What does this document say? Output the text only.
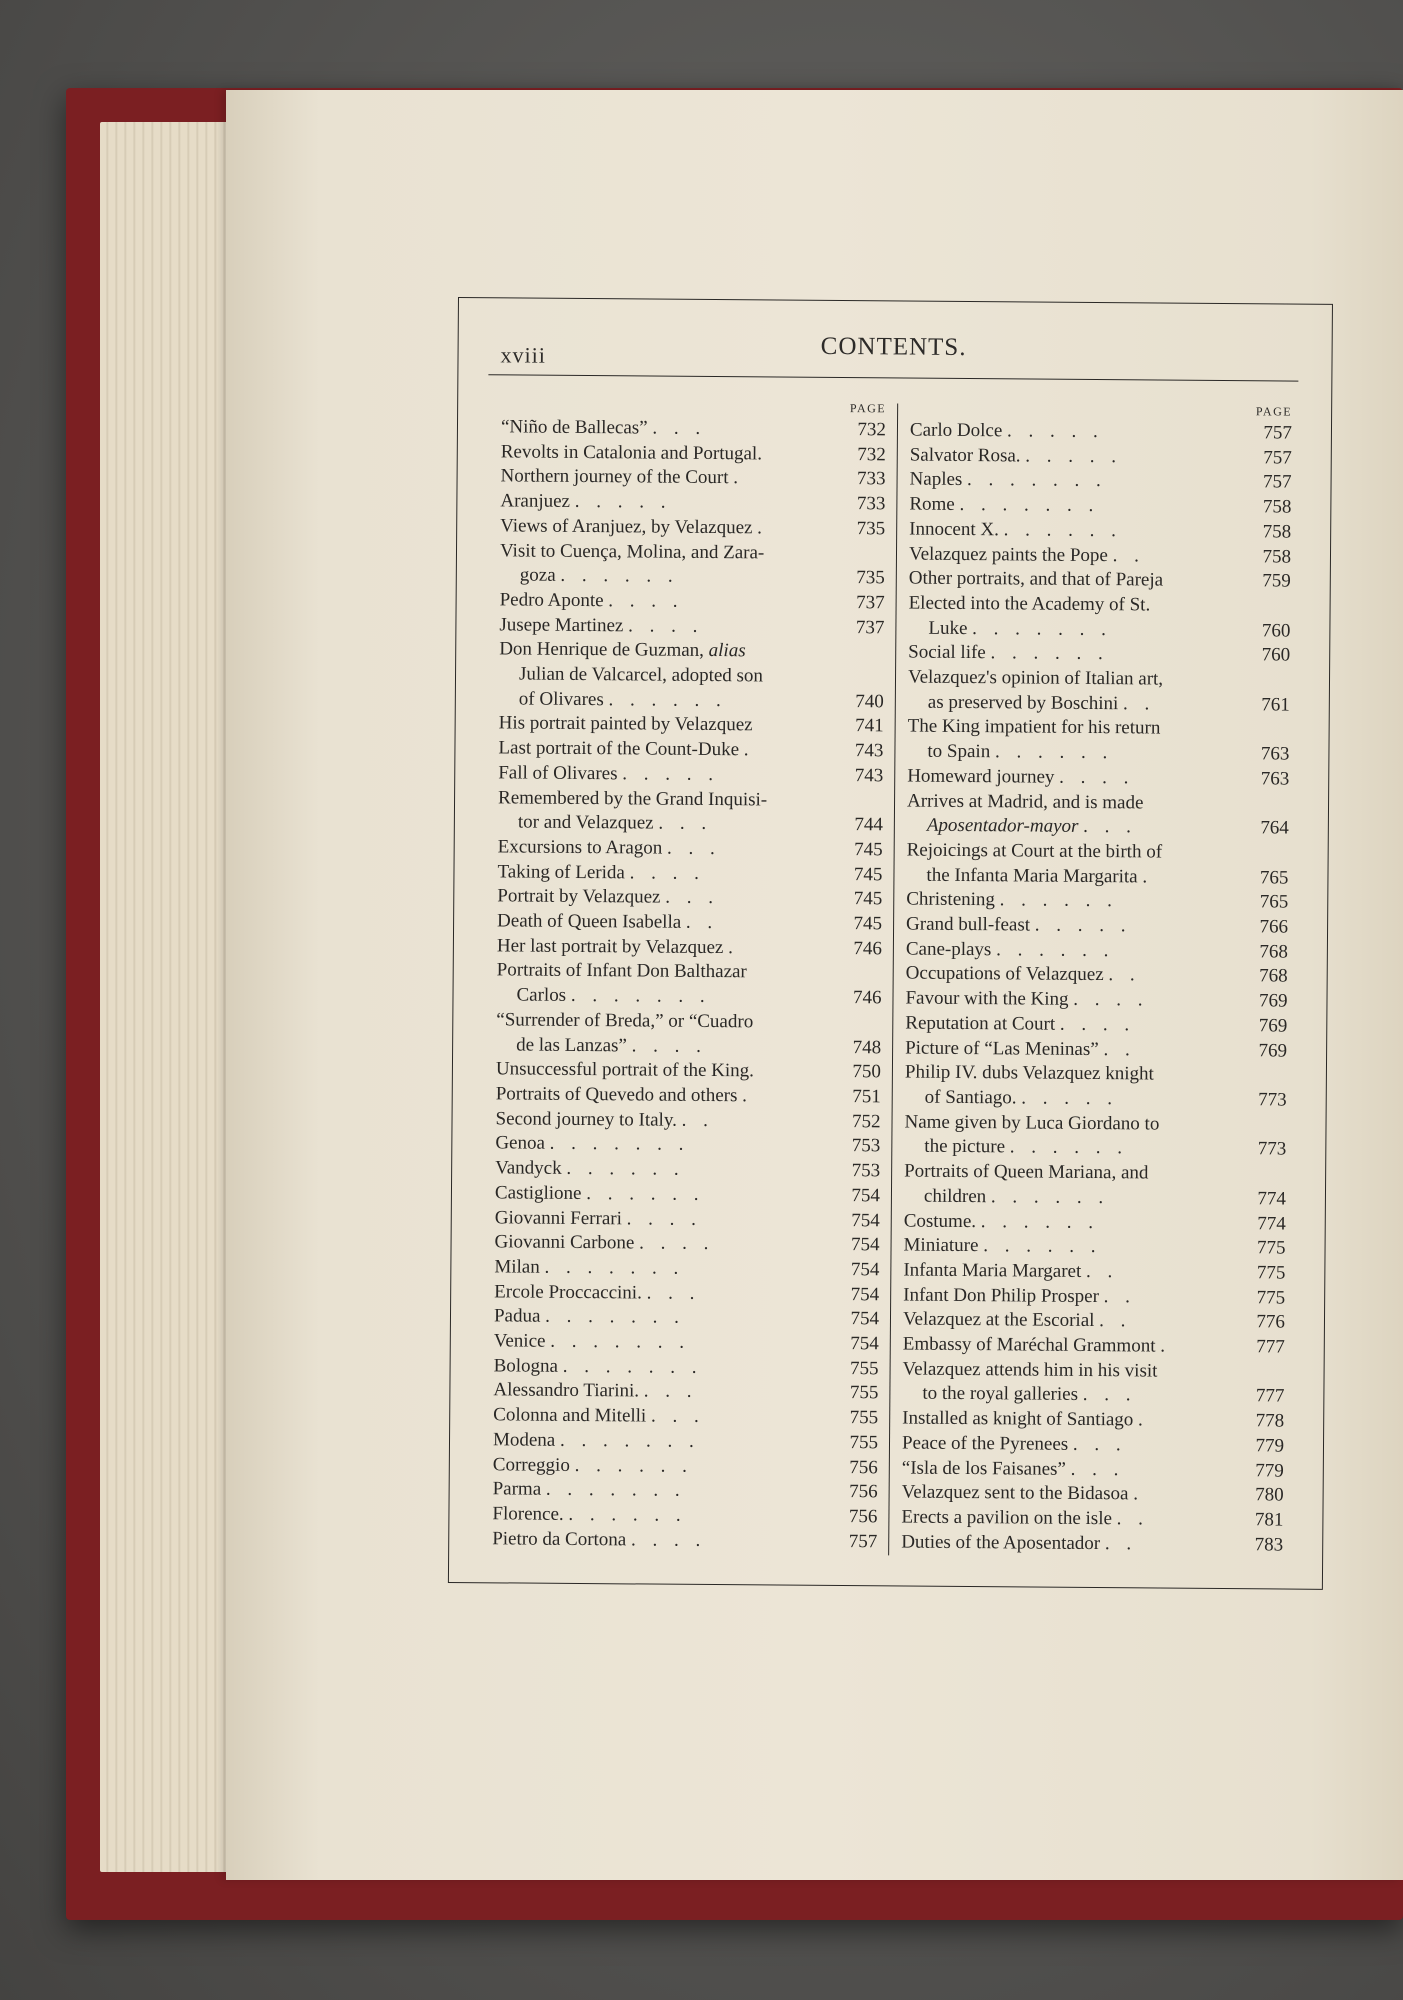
xviii	CONTENTS.
PAGE
“Niño de Ballecas” . . .	732
Revolts in Catalonia and Portugal.	732
Northern journey of the Court .	733
Aranjuez . . . . .	733
Views of Aranjuez, by Velazquez .	735
Visit to Cuença, Molina, and Zara-
goza . . . . . .	735
Pedro Aponte . . . .	737
Jusepe Martinez . . . .	737
Don Henrique de Guzman, alias
Julian de Valcarcel, adopted son
of Olivares . . . . . .	740
His portrait painted by Velazquez	741
Last portrait of the Count-Duke .	743
Fall of Olivares . . . . .	743
Remembered by the Grand Inquisi-
tor and Velazquez . . .	744
Excursions to Aragon . . .	745
Taking of Lerida . . . .	745
Portrait by Velazquez . . .	745
Death of Queen Isabella . .	745
Her last portrait by Velazquez .	746
Portraits of Infant Don Balthazar
Carlos . . . . . . .	746
“Surrender of Breda,” or “Cuadro
de las Lanzas” . . . .	748
Unsuccessful portrait of the King.	750
Portraits of Quevedo and others .	751
Second journey to Italy. . .	752
Genoa . . . . . . .	753
Vandyck . . . . . .	753
Castiglione . . . . . .	754
Giovanni Ferrari . . . .	754
Giovanni Carbone . . . .	754
Milan . . . . . . .	754
Ercole Proccaccini. . . .	754
Padua . . . . . . .	754
Venice . . . . . . .	754
Bologna . . . . . . .	755
Alessandro Tiarini. . . .	755
Colonna and Mitelli . . .	755
Modena . . . . . . .	755
Correggio . . . . . .	756
Parma . . . . . . .	756
Florence. . . . . . .	756
Pietro da Cortona . . . .	757
PAGE
Carlo Dolce . . . . .	757
Salvator Rosa. . . . . .	757
Naples . . . . . . .	757
Rome . . . . . . .	758
Innocent X. . . . . . .	758
Velazquez paints the Pope . .	758
Other portraits, and that of Pareja	759
Elected into the Academy of St.
Luke . . . . . . .	760
Social life . . . . . .	760
Velazquez's opinion of Italian art,
as preserved by Boschini . .	761
The King impatient for his return
to Spain . . . . . .	763
Homeward journey . . . .	763
Arrives at Madrid, and is made
Aposentador-mayor . . .	764
Rejoicings at Court at the birth of
the Infanta Maria Margarita .	765
Christening . . . . . .	765
Grand bull-feast . . . . .	766
Cane-plays . . . . . .	768
Occupations of Velazquez . .	768
Favour with the King . . . .	769
Reputation at Court . . . .	769
Picture of “Las Meninas” . .	769
Philip IV. dubs Velazquez knight
of Santiago. . . . . .	773
Name given by Luca Giordano to
the picture . . . . . .	773
Portraits of Queen Mariana, and
children . . . . . .	774
Costume. . . . . . .	774
Miniature . . . . . .	775
Infanta Maria Margaret . .	775
Infant Don Philip Prosper . .	775
Velazquez at the Escorial . .	776
Embassy of Maréchal Grammont .	777
Velazquez attends him in his visit
to the royal galleries . . .	777
Installed as knight of Santiago .	778
Peace of the Pyrenees . . .	779
“Isla de los Faisanes” . . .	779
Velazquez sent to the Bidasoa .	780
Erects a pavilion on the isle . .	781
Duties of the Aposentador . .	783
